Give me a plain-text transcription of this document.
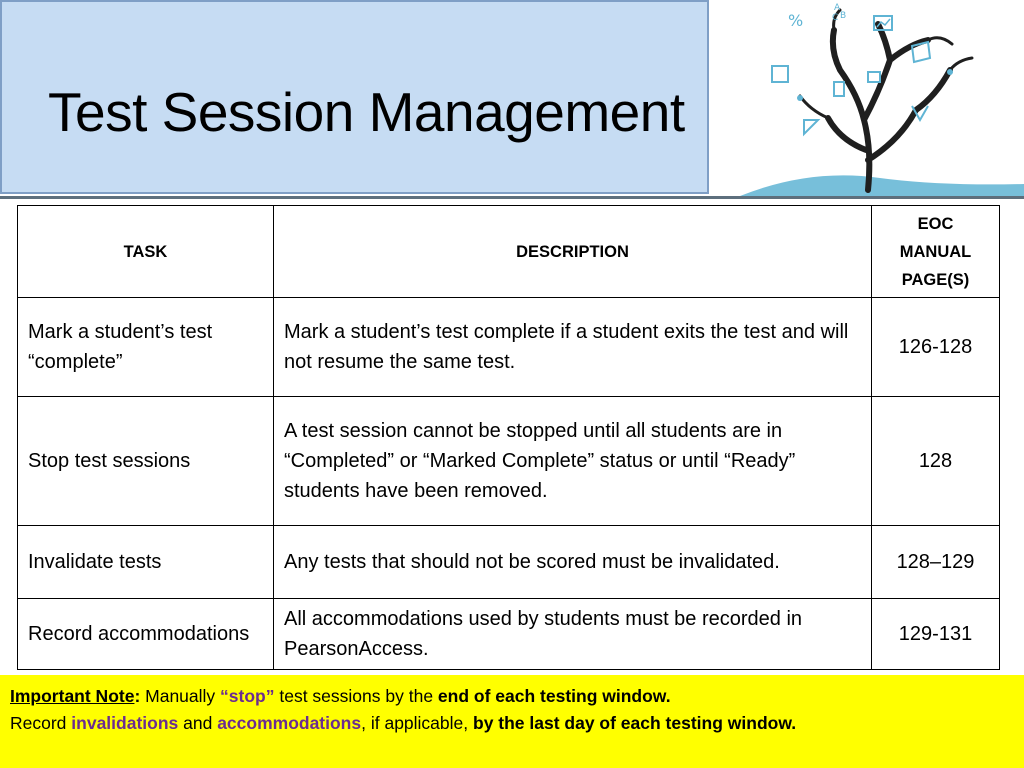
Test Session Management
%
A
B
C
TASK	DESCRIPTION	EOC MANUAL PAGE(S)
Mark a student’s test “complete”	Mark a student’s test complete if a student exits the test and will not resume the same test.	126-128
Stop test sessions	A test session cannot be stopped until all students are in “Completed” or “Marked Complete” status or until “Ready” students have been removed.	128
Invalidate tests	Any tests that should not be scored must be invalidated.	128–129
Record accommodations	All accommodations used by students must be recorded in PearsonAccess.	129-131
Important Note: Manually “stop” test sessions by the end of each testing window.
Record invalidations and accommodations, if applicable, by the last day of each testing window.
